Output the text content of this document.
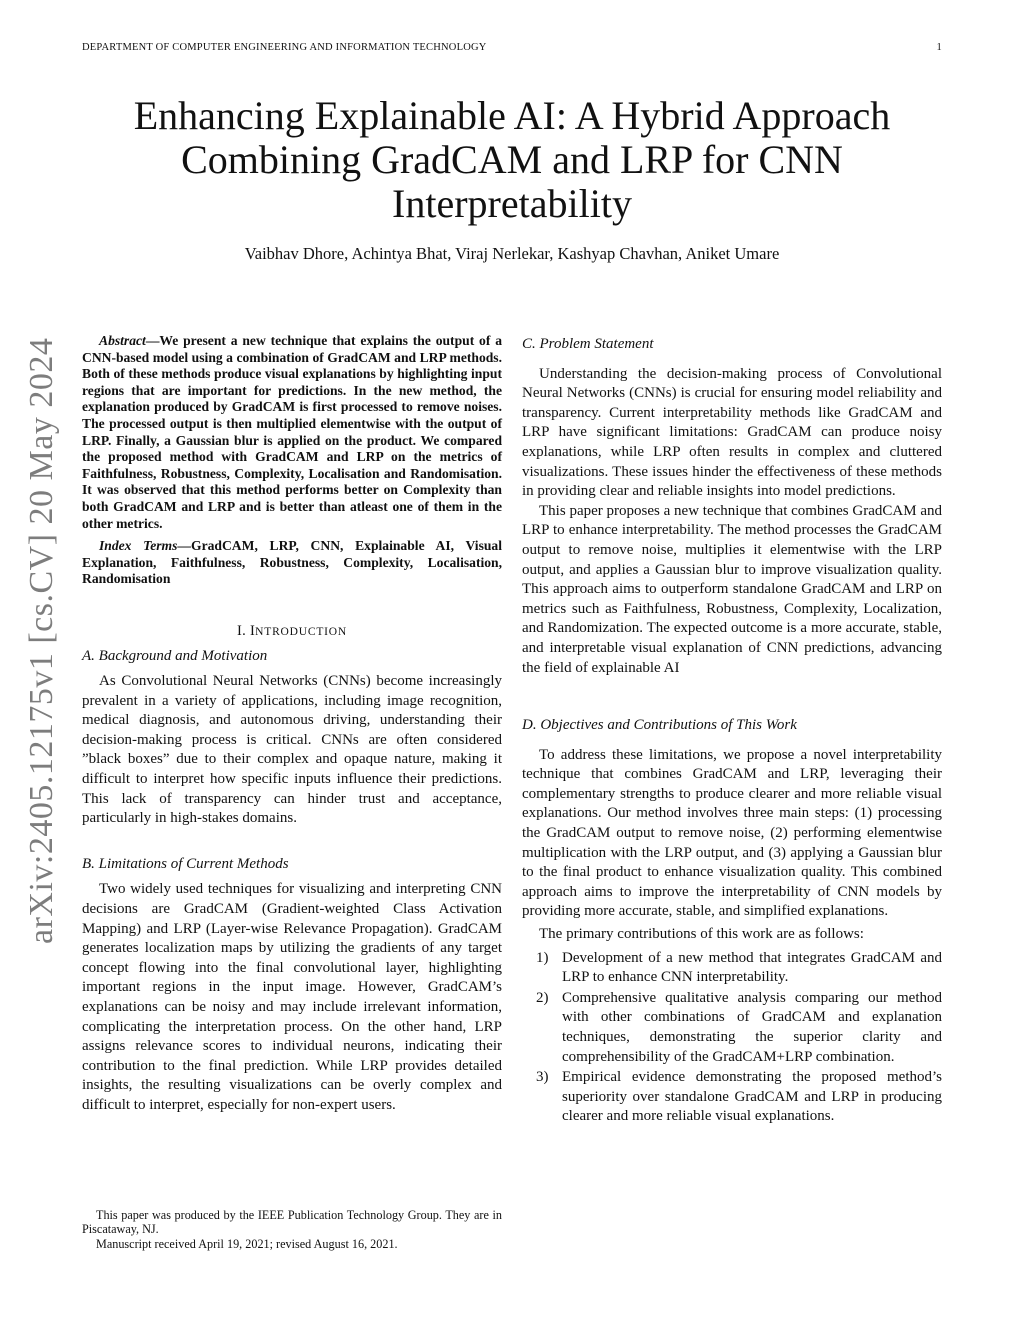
DEPARTMENT OF COMPUTER ENGINEERING AND INFORMATION TECHNOLOGY	1
Enhancing Explainable AI: A Hybrid Approach Combining GradCAM and LRP for CNN Interpretability
Vaibhav Dhore, Achintya Bhat, Viraj Nerlekar, Kashyap Chavhan, Aniket Umare
arXiv:2405.12175v1 [cs.CV] 20 May 2024	Abstract—We present a new technique that explains the output of a CNN-based model using a combination of GradCAM and LRP methods. Both of these methods produce visual explanations by highlighting input regions that are important for predictions. In the new method, the explanation produced by GradCAM is first processed to remove noises. The processed output is then multiplied elementwise with the output of LRP. Finally, a Gaussian blur is applied on the product. We compared the proposed method with GradCAM and LRP on the metrics of Faithfulness, Robustness, Complexity, Localisation and Randomisation. It was observed that this method performs better on Complexity than both GradCAM and LRP and is better than atleast one of them in the other metrics.

Index Terms—GradCAM, LRP, CNN, Explainable AI, Visual Explanation, Faithfulness, Robustness, Complexity, Localisation, Randomisation

I. INTRODUCTION
A. Background and Motivation

As Convolutional Neural Networks (CNNs) become increasingly prevalent in a variety of applications, including image recognition, medical diagnosis, and autonomous driving, understanding their decision-making process is critical. CNNs are often considered ”black boxes” due to their complex and opaque nature, making it difficult to interpret how specific inputs influence their predictions. This lack of transparency can hinder trust and acceptance, particularly in high-stakes domains.

B. Limitations of Current Methods

Two widely used techniques for visualizing and interpreting CNN decisions are GradCAM (Gradient-weighted Class Activation Mapping) and LRP (Layer-wise Relevance Propagation). GradCAM generates localization maps by utilizing the gradients of any target concept flowing into the final convolutional layer, highlighting important regions in the input image. However, GradCAM’s explanations can be noisy and may include irrelevant information, complicating the interpretation process. On the other hand, LRP assigns relevance scores to individual neurons, indicating their contribution to the final prediction. While LRP provides detailed insights, the resulting visualizations can be overly complex and difficult to interpret, especially for non-expert users.

This paper was produced by the IEEE Publication Technology Group. They are in Piscataway, NJ.

Manuscript received April 19, 2021; revised August 16, 2021.

C. Problem Statement

Understanding the decision-making process of Convolutional Neural Networks (CNNs) is crucial for ensuring model reliability and transparency. Current interpretability methods like GradCAM and LRP have significant limitations: GradCAM can produce noisy explanations, while LRP often results in complex and cluttered visualizations. These issues hinder the effectiveness of these methods in providing clear and reliable insights into model predictions.

This paper proposes a new technique that combines GradCAM and LRP to enhance interpretability. The method processes the GradCAM output to remove noise, multiplies it elementwise with the LRP output, and applies a Gaussian blur to improve visualization quality. This approach aims to outperform standalone GradCAM and LRP on metrics such as Faithfulness, Robustness, Complexity, Localization, and Randomization. The expected outcome is a more accurate, stable, and interpretable visual explanation of CNN predictions, advancing the field of explainable AI

D. Objectives and Contributions of This Work

To address these limitations, we propose a novel interpretability technique that combines GradCAM and LRP, leveraging their complementary strengths to produce clearer and more reliable visual explanations. Our method involves three main steps: (1) processing the GradCAM output to remove noise, (2) performing elementwise multiplication with the LRP output, and (3) applying a Gaussian blur to the final product to enhance visualization quality. This combined approach aims to improve the interpretability of CNN models by providing more accurate, stable, and simplified explanations.

The primary contributions of this work are as follows:

1) Development of a new method that integrates GradCAM and LRP to enhance CNN interpretability.
2) Comprehensive qualitative analysis comparing our method with other combinations of GradCAM and explanation techniques, demonstrating the superior clarity and comprehensibility of the GradCAM+LRP combination.
3) Empirical evidence demonstrating the proposed method’s superiority over standalone GradCAM and LRP in producing clearer and more reliable visual explanations.
